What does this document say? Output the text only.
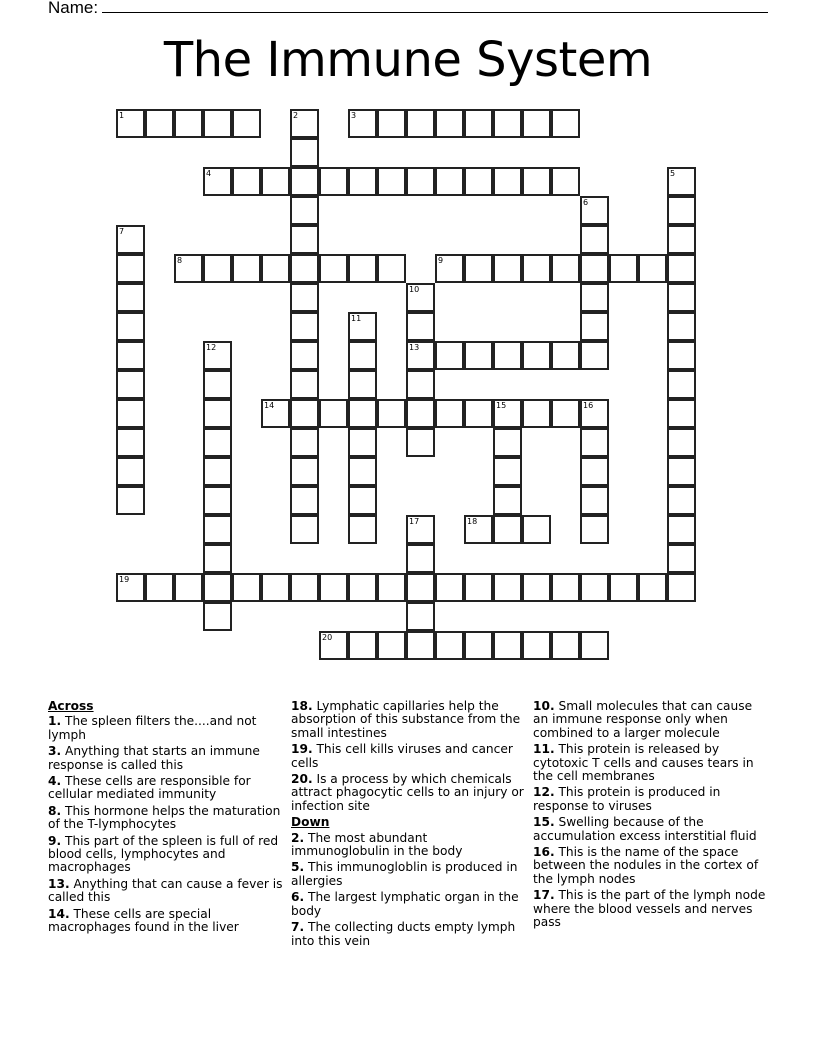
Name:
The Immune System
1	2	3
4	5
6
7
8	9
10
13
11
12
14	15	16
17	18
19
20
Across
1. The spleen filters the....and not lymph
3. Anything that starts an immune response is called this
4. These cells are responsible for cellular mediated immunity
8. This hormone helps the maturation of the T-lymphocytes
9. This part of the spleen is full of red blood cells, lymphocytes and macrophages
13. Anything that can cause a fever is called this
14. These cells are special macrophages found in the liver
18. Lymphatic capillaries help the absorption of this substance from the small intestines
19. This cell kills viruses and cancer cells
20. Is a process by which chemicals attract phagocytic cells to an injury or infection site
Down
2. The most abundant immunoglobulin in the body
5. This immunogloblin is produced in allergies
6. The largest lymphatic organ in the body
7. The collecting ducts empty lymph into this vein
10. Small molecules that can cause an immune response only when combined to a larger molecule
11. This protein is released by cytotoxic T cells and causes tears in the cell membranes
12. This protein is produced in response to viruses
15. Swelling because of the accumulation excess interstitial fluid
16. This is the name of the space between the nodules in the cortex of the lymph nodes
17. This is the part of the lymph node where the blood vessels and nerves pass
